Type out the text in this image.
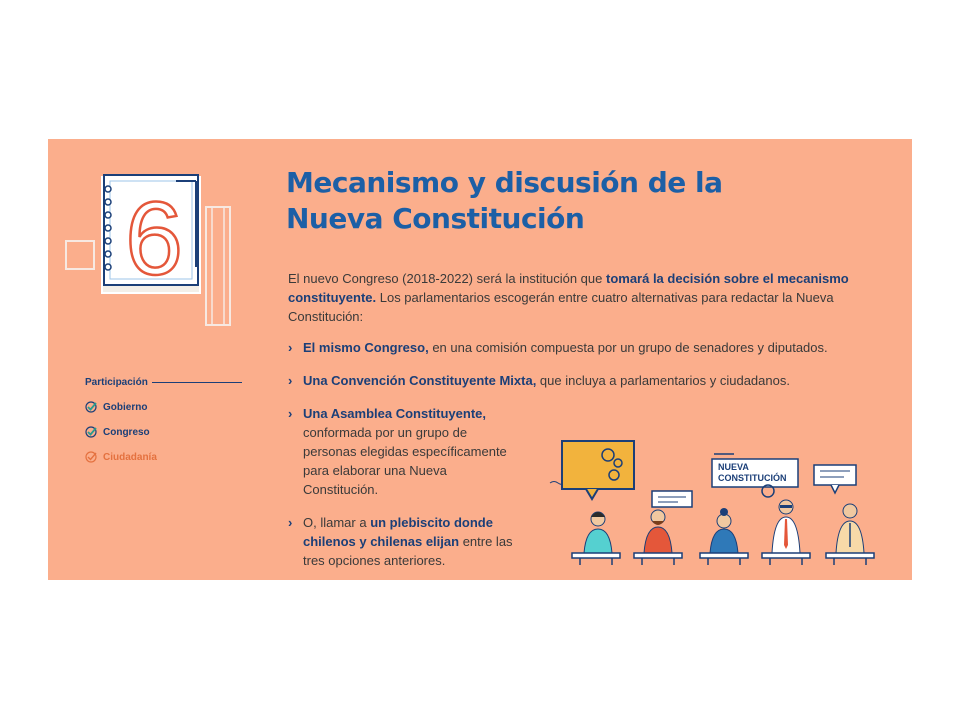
6	Mecanismo y discusión de la
Nueva Constitución

El nuevo Congreso (2018-2022) será la institución que tomará la decisión sobre el mecanismo constituyente. Los parlamentarios escogerán entre cuatro alternativas para redactar la Nueva Constitución:

› El mismo Congreso, en una comisión compuesta por un grupo de senadores y diputados.
› Una Convención Constituyente Mixta, que incluya a parlamentarios y ciudadanos.
› Una Asamblea Constituyente, conformada por un grupo de personas elegidas específicamente para elaborar una Nueva Constitución.
› O, llamar a un plebiscito donde chilenos y chilenas elijan entre las tres opciones anteriores.
Participación
Gobierno
Congreso
Ciudadanía
NUEVA
CONSTITUCIÓN
